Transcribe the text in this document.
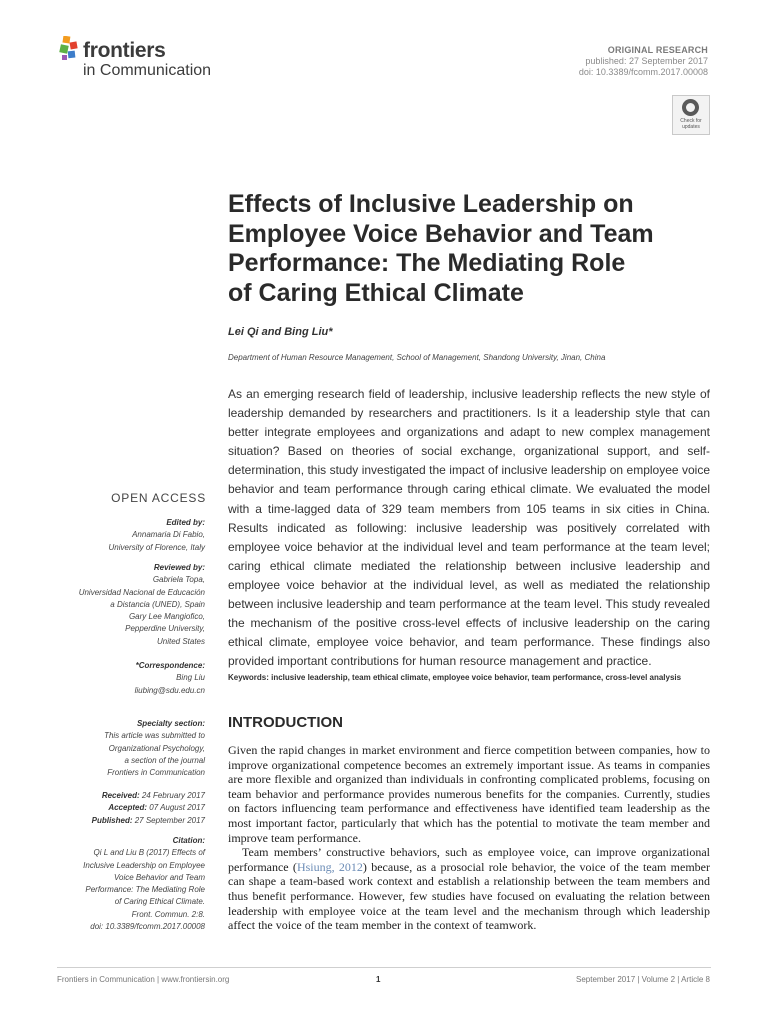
frontiers
in Communication
ORIGINAL RESEARCH
published: 27 September 2017
doi: 10.3389/fcomm.2017.00008
Check for
updates
Effects of Inclusive Leadership on
Employee Voice Behavior and Team
Performance: The Mediating Role
of Caring Ethical Climate
Lei Qi and Bing Liu*
Department of Human Resource Management, School of Management, Shandong University, Jinan, China

As an emerging research field of leadership, inclusive leadership reflects the new style of leadership demanded by researchers and practitioners. Is it a leadership style that can better integrate employees and organizations and adapt to new complex management situation? Based on theories of social exchange, organizational support, and self-determination, this study investigated the impact of inclusive leadership on employee voice behavior and team performance through caring ethical climate. We evaluated the model with a time-lagged data of 329 team members from 105 teams in six cities in China. Results indicated as following: inclusive leadership was positively correlated with employee voice behavior at the individual level and team performance at the team level; caring ethical climate mediated the relationship between inclusive leadership and employee voice behavior at the individual level, as well as mediated the relationship between inclusive leadership and team performance at the team level. This study revealed the mechanism of the positive cross-level effects of inclusive leadership on the caring ethical climate, employee voice behavior, and team performance. These findings also provided important contributions for human resource management and practice.

Keywords: inclusive leadership, team ethical climate, employee voice behavior, team performance, cross-level analysis

INTRODUCTION

Given the rapid changes in market environment and fierce competition between companies, how to improve organizational competence becomes an extremely important issue. As teams in companies are more flexible and organized than individuals in confronting complicated problems, focusing on team behavior and performance provides numerous benefits for the companies. Currently, studies on factors influencing team performance and effectiveness have identified team leadership as the most important factor, particularly that which has the potential to motivate the team member and improve team performance.

Team members’ constructive behaviors, such as employee voice, can improve organizational performance (Hsiung, 2012) because, as a prosocial role behavior, the voice of the team member can shape a team-based work context and establish a relationship between the team members and thus benefit performance. However, few studies have focused on evaluating the relation between leadership with employee voice at the team level and the mechanism through which leadership affect the voice of the team member in the context of teamwork.

OPEN ACCESS
Edited by:
Annamaria Di Fabio,
University of Florence, Italy
Reviewed by:
Gabriela Topa,
Universidad Nacional de Educación
a Distancia (UNED), Spain
Gary Lee Mangiofico,
Pepperdine University,
United States
*Correspondence:
Bing Liu
liubing@sdu.edu.cn
Specialty section:
This article was submitted to
Organizational Psychology,
a section of the journal
Frontiers in Communication
Received: 24 February 2017
Accepted: 07 August 2017
Published: 27 September 2017
Citation:
Qi L and Liu B (2017) Effects of
Inclusive Leadership on Employee
Voice Behavior and Team
Performance: The Mediating Role
of Caring Ethical Climate.
Front. Commun. 2:8.
doi: 10.3389/fcomm.2017.00008
Frontiers in Communication | www.frontiersin.org	1	September 2017 | Volume 2 | Article 8
